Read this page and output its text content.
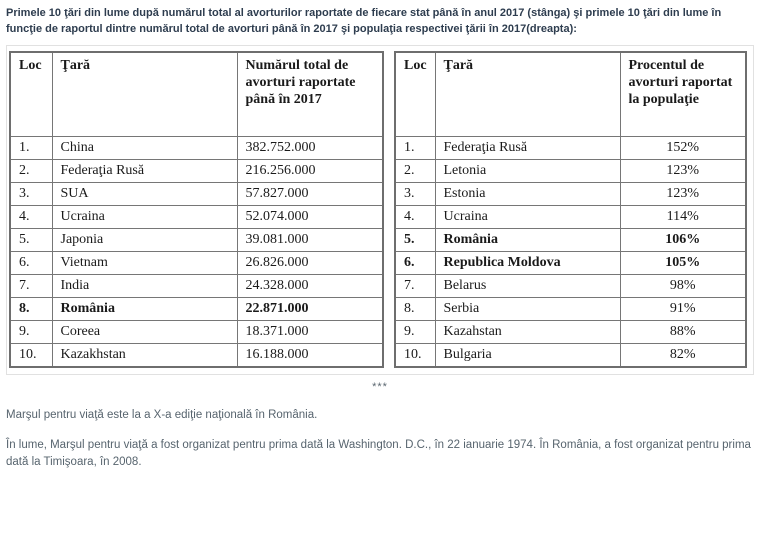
Primele 10 ţări din lume după numărul total al avorturilor raportate de fiecare stat până în anul 2017 (stânga) şi primele 10 ţări din lume în funcţie de raportul dintre numărul total de avorturi până în 2017 şi populaţia respectivei ţării în 2017(dreapta):

Loc	Ţară	Numărul total de avorturi raportate până în 2017
1.	China	382.752.000
2.	Federaţia Rusă	216.256.000
3.	SUA	57.827.000
4.	Ucraina	52.074.000
5.	Japonia	39.081.000
6.	Vietnam	26.826.000
7.	India	24.328.000
8.	România	22.871.000
9.	Coreea	18.371.000
10.	Kazakhstan	16.188.000
Loc	Ţară	Procentul de avorturi raportat la populaţie
1.	Federaţia Rusă	152%
2.	Letonia	123%
3.	Estonia	123%
4.	Ucraina	114%
5.	România	106%
6.	Republica Moldova	105%
7.	Belarus	98%
8.	Serbia	91%
9.	Kazahstan	88%
10.	Bulgaria	82%

***

Marşul pentru viaţă este la a X-a ediţie naţională în România.

În lume, Marşul pentru viaţă a fost organizat pentru prima dată la Washington. D.C., în 22 ianuarie 1974. În România, a fost organizat pentru prima dată la Timişoara, în 2008.
